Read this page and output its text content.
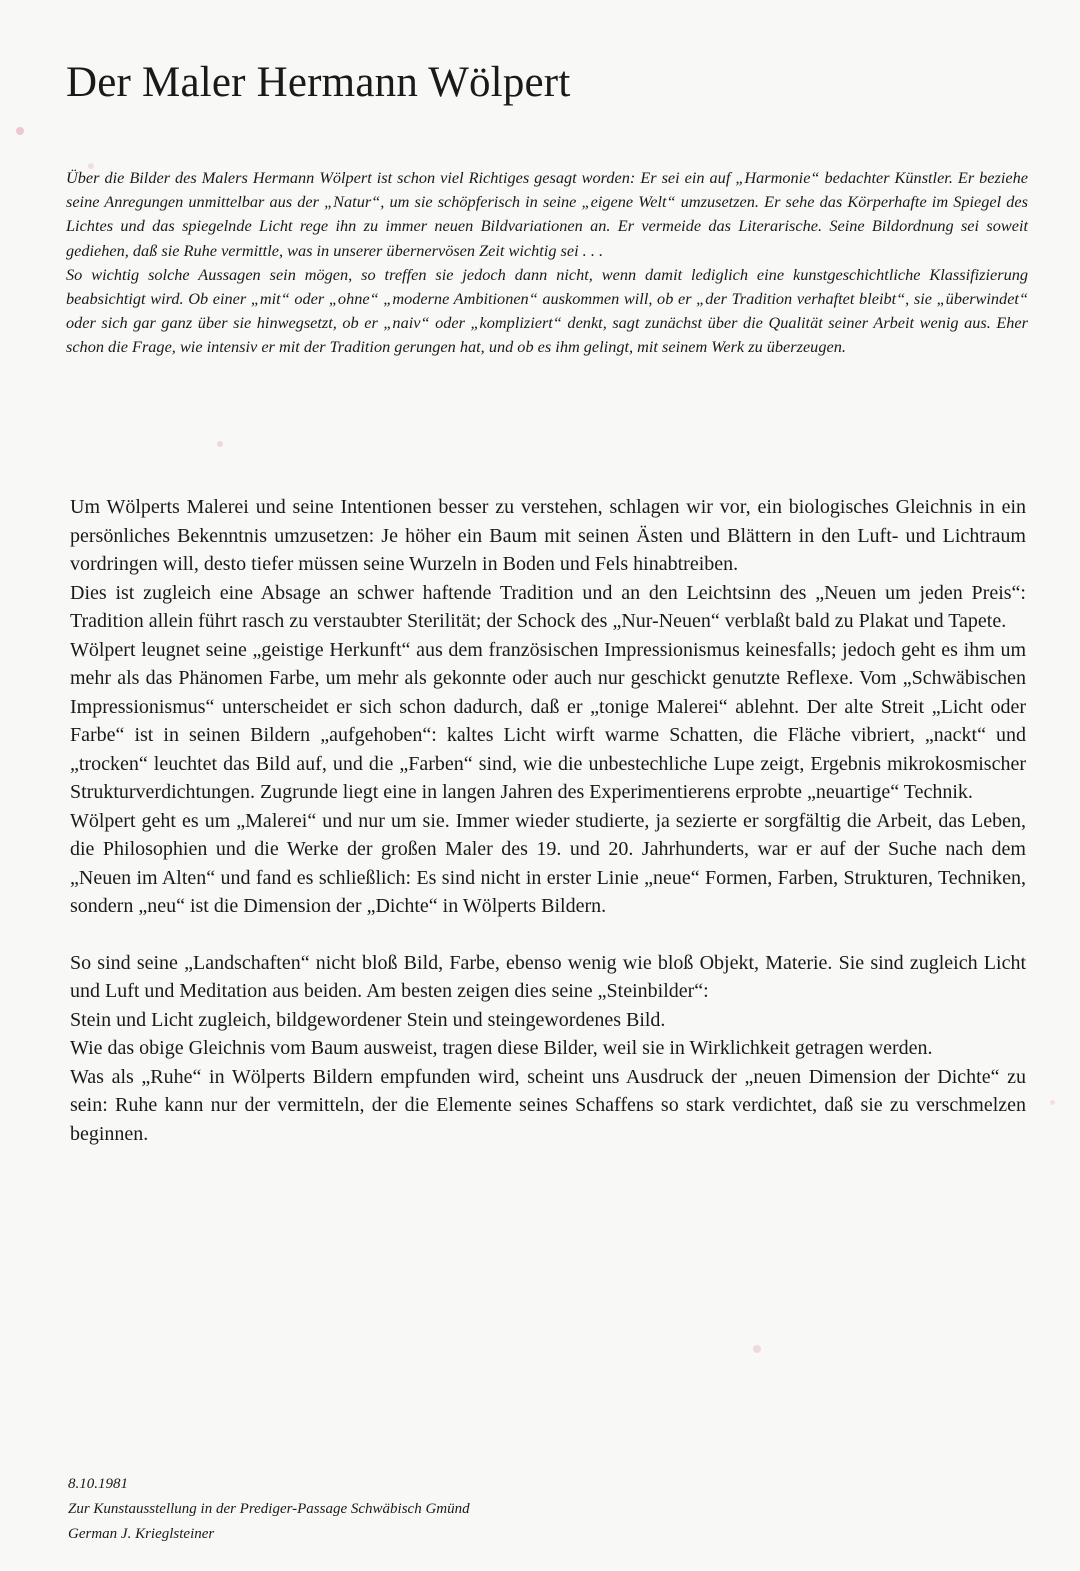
Der Maler Hermann Wölpert

Über die Bilder des Malers Hermann Wölpert ist schon viel Richtiges gesagt worden: Er sei ein auf „Harmonie“ bedachter Künstler. Er beziehe seine Anregungen unmittelbar aus der „Natur“, um sie schöpferisch in seine „eigene Welt“ umzusetzen. Er sehe das Körperhafte im Spiegel des Lichtes und das spiegelnde Licht rege ihn zu immer neuen Bildvariationen an. Er vermeide das Literarische. Seine Bildordnung sei soweit gediehen, daß sie Ruhe vermittle, was in unserer übernervösen Zeit wichtig sei . . .

So wichtig solche Aussagen sein mögen, so treffen sie jedoch dann nicht, wenn damit lediglich eine kunstgeschichtliche Klassifizierung beabsichtigt wird. Ob einer „mit“ oder „ohne“ „moderne Ambitionen“ auskommen will, ob er „der Tradition verhaftet bleibt“, sie „überwindet“ oder sich gar ganz über sie hinwegsetzt, ob er „naiv“ oder „kompliziert“ denkt, sagt zunächst über die Qualität seiner Arbeit wenig aus. Eher schon die Frage, wie intensiv er mit der Tradition gerungen hat, und ob es ihm gelingt, mit seinem Werk zu überzeugen.

Um Wölperts Malerei und seine Intentionen besser zu verstehen, schlagen wir vor, ein biologisches Gleichnis in ein persönliches Bekenntnis umzusetzen: Je höher ein Baum mit seinen Ästen und Blättern in den Luft- und Lichtraum vordringen will, desto tiefer müssen seine Wurzeln in Boden und Fels hinabtreiben.

Dies ist zugleich eine Absage an schwer haftende Tradition und an den Leichtsinn des „Neuen um jeden Preis“: Tradition allein führt rasch zu verstaubter Sterilität; der Schock des „Nur-Neuen“ verblaßt bald zu Plakat und Tapete.

Wölpert leugnet seine „geistige Herkunft“ aus dem französischen Impressionismus keinesfalls; jedoch geht es ihm um mehr als das Phänomen Farbe, um mehr als gekonnte oder auch nur geschickt genutzte Reflexe. Vom „Schwäbischen Impressionismus“ unterscheidet er sich schon dadurch, daß er „tonige Malerei“ ablehnt. Der alte Streit „Licht oder Farbe“ ist in seinen Bildern „aufgehoben“: kaltes Licht wirft warme Schatten, die Fläche vibriert, „nackt“ und „trocken“ leuchtet das Bild auf, und die „Farben“ sind, wie die unbestechliche Lupe zeigt, Ergebnis mikrokosmischer Strukturverdichtungen. Zugrunde liegt eine in langen Jahren des Experimentierens erprobte „neuartige“ Technik.

Wölpert geht es um „Malerei“ und nur um sie. Immer wieder studierte, ja sezierte er sorgfältig die Arbeit, das Leben, die Philosophien und die Werke der großen Maler des 19. und 20. Jahrhunderts, war er auf der Suche nach dem „Neuen im Alten“ und fand es schließlich: Es sind nicht in erster Linie „neue“ Formen, Farben, Strukturen, Techniken, sondern „neu“ ist die Dimension der „Dichte“ in Wölperts Bildern.

So sind seine „Landschaften“ nicht bloß Bild, Farbe, ebenso wenig wie bloß Objekt, Materie. Sie sind zugleich Licht und Luft und Meditation aus beiden. Am besten zeigen dies seine „Steinbilder“:

Stein und Licht zugleich, bildgewordener Stein und steingewordenes Bild.

Wie das obige Gleichnis vom Baum ausweist, tragen diese Bilder, weil sie in Wirklichkeit getragen werden.

Was als „Ruhe“ in Wölperts Bildern empfunden wird, scheint uns Ausdruck der „neuen Dimension der Dichte“ zu sein: Ruhe kann nur der vermitteln, der die Elemente seines Schaffens so stark verdichtet, daß sie zu verschmelzen beginnen.

8.10.1981
Zur Kunstausstellung in der Prediger-Passage Schwäbisch Gmünd
German J. Krieglsteiner
